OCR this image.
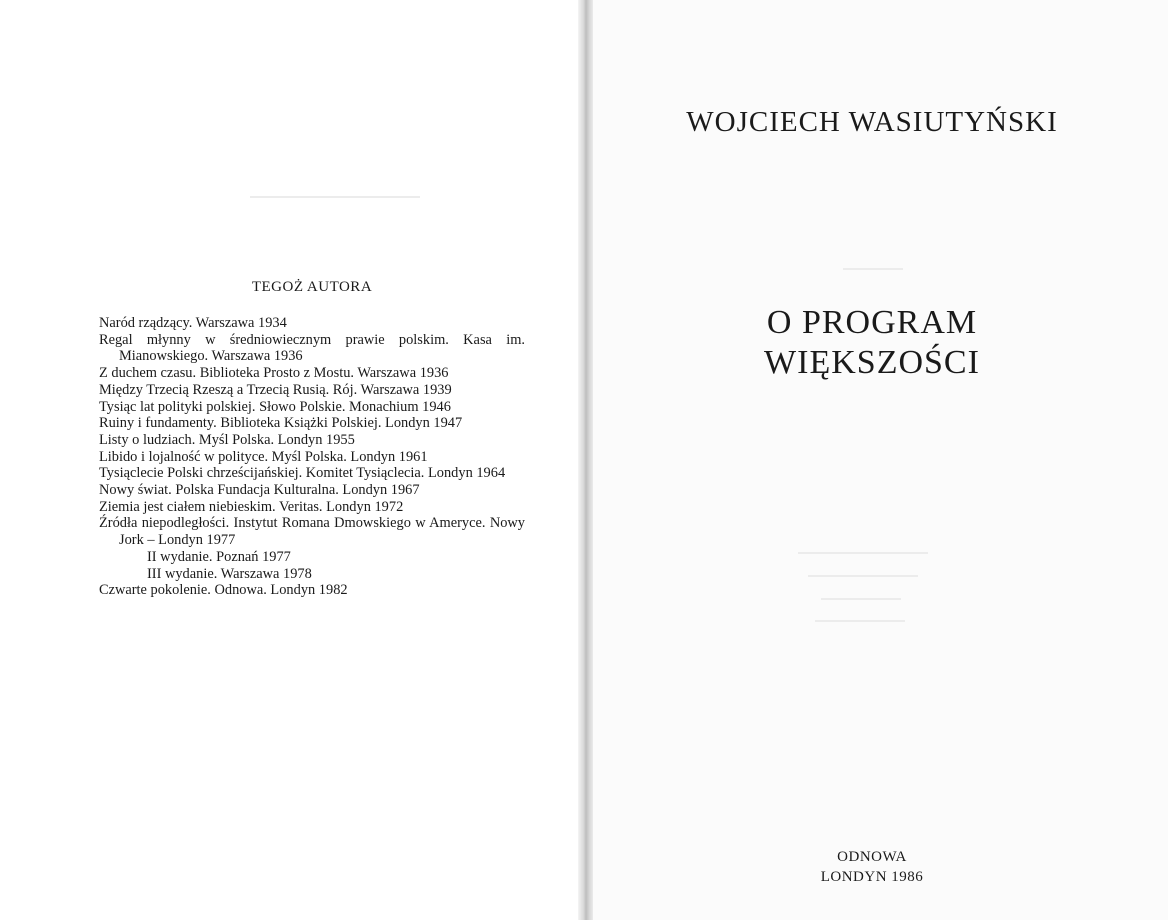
TEGOŻ AUTORA
Naród rządzący. Warszawa 1934
Regal młynny w średniowiecznym prawie polskim. Kasa im. Mianowskiego. Warszawa 1936
Z duchem czasu. Biblioteka Prosto z Mostu. Warszawa 1936
Między Trzecią Rzeszą a Trzecią Rusią. Rój. Warszawa 1939
Tysiąc lat polityki polskiej. Słowo Polskie. Monachium 1946
Ruiny i fundamenty. Biblioteka Książki Polskiej. Londyn 1947
Listy o ludziach. Myśl Polska. Londyn 1955
Libido i lojalność w polityce. Myśl Polska. Londyn 1961
Tysiąclecie Polski chrześcijańskiej. Komitet Tysiąclecia. Londyn 1964
Nowy świat. Polska Fundacja Kulturalna. Londyn 1967
Ziemia jest ciałem niebieskim. Veritas. Londyn 1972
Źródła niepodległości. Instytut Romana Dmowskiego w Ameryce. Nowy Jork – Londyn 1977
II wydanie. Poznań 1977
III wydanie. Warszawa 1978
Czwarte pokolenie. Odnowa. Londyn 1982
WOJCIECH WASIUTYŃSKI
O PROGRAM
WIĘKSZOŚCI
ODNOWA
LONDYN 1986
